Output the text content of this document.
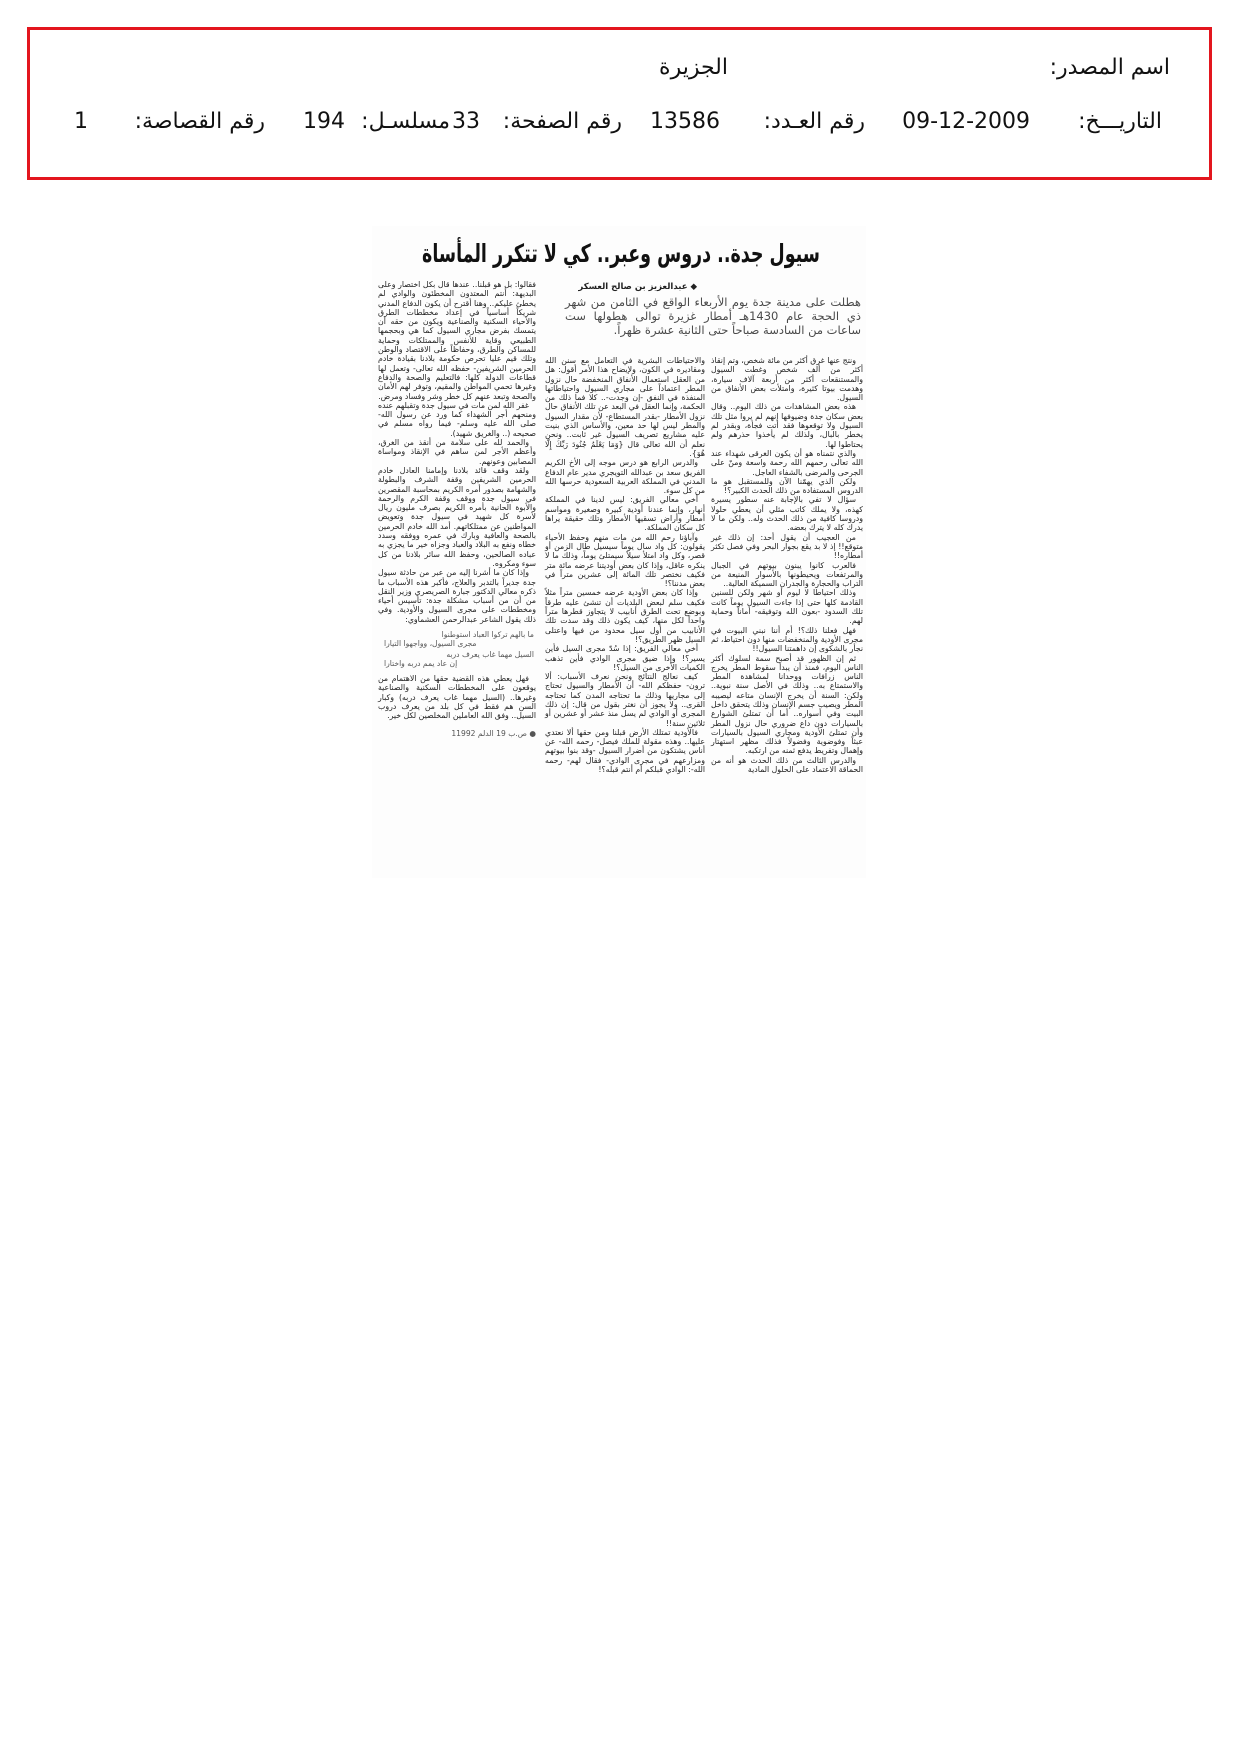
اسم المصدر:
الجزيرة
التاريـــخ:
09-12-2009
رقم العـدد:
13586
رقم الصفحة:
33
مسلسـل:
194
رقم القصاصة:
1
سيول جدة.. دروس وعبر.. كي لا تتكرر المأساة
◆ عبدالعزيز بن صالح العسكر

هطلت على مدينة جدة يوم الأربعاء الواقع في الثامن من شهر ذي الحجة عام 1430هـ أمطار غزيرة توالى هطولها ست ساعات من السادسة صباحاً حتى الثانية عشرة ظهراً.

ونتج عنها غرق أكثر من مائة شخص، وتم إنقاذ أكثر من ألف شخص وغطت السيول والمستنقعات أكثر من أربعة آلاف سيارة، وهدمت بيوتا كثيرة، وامتلأت بعض الأنفاق من السيول.

هذه بعض المشاهدات من ذلك اليوم.. وقال بعض سكان جدة وضيوفها إنهم لم يروا مثل تلك السيول ولا توقعوها فقد أتت فجأة، وبقدر لم يخطر بالبال، ولذلك لم يأخذوا حذرهم ولم يحتاطوا لها.

والذي نتمناه هو أن يكون الغرقى شهداء عند الله تعالى رحمهم الله رحمة واسعة ومنّ على الجرحى والمرضى بالشفاء العاجل.

ولكن الذي يهمّنا الآن وللمستقبل هو ما الدروس المستفادة من ذلك الحدث الكبير؟!

سؤال لا تفي بالإجابة عنه سطور يسيرة كهذه، ولا يملك كاتب مثلي أن يعطي حلولا ودروسا كافية من ذلك الحدث وله.. ولكن ما لا يدرك كله لا يترك بعضه.

من العجيب أن يقول أحد: إن ذلك غير متوقع!! إذ لا بد يقع بجوار البحر وفي فصل تكثر أمطاره!!

فالعرب كانوا يبنون بيوتهم في الجبال والمرتفعات ويحيطونها بالأسوار المنيعة من التراب والحجارة والجدران السميكة العالية..

وذلك احتياطا لا ليوم أو شهر ولكن للسنين القادمة كلها حتى إذا جاءت السيول يوماً كانت تلك السدود -بعون الله وتوفيقه- أماناً وحماية لهم.

فهل فعلنا ذلك؟! أم أننا نبني البيوت في مجرى الأودية والمنخفضات منها دون احتياط، ثم نجأر بالشكوى إن داهمتنا السيول!!

ثم إن الظهور قد أصبح سمة لسلوك أكثر الناس اليوم، فمنذ أن يبدأ سقوط المطر يخرج الناس زرافات ووحدانا لمشاهدة المطر والاستمتاع به.. وذلك في الأصل سنة نبوية.. ولكن: السنة أن يخرج الإنسان متاعه ليصيبه المطر ويصيب جسم الإنسان وذلك يتحقق داخل البيت وفي أسواره.. أما أن تمتلئ الشوارع بالسيارات دون داع ضروري حال نزول المطر وأن تمتلئ الأودية ومجاري السيول بالسيارات عبثاً وفوضوية وفضولاً فذلك مظهر استهتار وإهمال وتفريط يدفع ثمنه من ارتكبه.

والدرس الثالث من ذلك الحدث هو أنه من الحماقة الاعتماد على الحلول المادية

والاحتياطات البشرية في التعامل مع سنن الله ومقاديره في الكون، ولإيضاح هذا الأمر أقول: هل من العقل استعمال الأنفاق المنخفضة حال نزول المطر اعتماداً على مجاري السيول واحتياطاتها المنفذة في النفق -إن وجدت-.. كلا فما ذلك من الحكمة، وإنما العقل في البعد عن تلك الأنفاق حال نزول الأمطار -بقدر المستطاع- لأن مقدار السيول والمطر ليس لها حد معين، والأساس الذي بنيت عليه مشاريع تصريف السيول غير ثابت.. ونحن نعلم أن الله تعالى قال {وَمَا يَعْلَمُ جُنُودَ رَبِّكَ إِلَّا هُوَ}.

والدرس الرابع هو درس موجه إلى الأخ الكريم الفريق سعد بن عبدالله التويجري مدير عام الدفاع المدني في المملكة العربية السعودية حرسها الله من كل سوء.

أخي معالي الفريق: ليس لدينا في المملكة أنهار، وإنما عندنا أودية كبيرة وصغيرة ومواسم أمطار وأراض تسقيها الأمطار وتلك حقيقة يراها كل سكان المملكة.

وآباؤنا رحم الله من مات منهم وحفظ الأحياء يقولون: كل واد سال يوماً سيسيل طال الزمن أو قصر، وكل واد امتلأ سيلاً سيمتلئ يوماً، وذلك ما لا ينكره عاقل، وإذا كان بعض أوديتنا عرضه مائة متر فكيف نختصر تلك المائة إلى عشرين متراً في بعض مدننا؟!

وإذا كان بعض الأودية عرضه خمسين متراً مثلاً فكيف سلم لبعض البلديات أن تنشئ عليه طرقاً وبوضع تحت الطرق أنابيب لا يتجاوز قطرها متراً واحداً لكل منها، كيف يكون ذلك وقد سدت تلك الأنابيب من أول سيل محدود من فيها واعتلى السيل ظهر الطريق؟!

أخي معالي الفريق: إذا سُدّ مجرى السيل فأين يسير؟! وإذا ضيق مجرى الوادي فأين تذهب الكميات الأخرى من السيل؟!

كيف نعالج النتائج ونحن نعرف الأسباب: ألا ترون- حفظكم الله- أن الأمطار والسيول تحتاج إلى مجاريها وذلك ما تحتاجه المدن كما تحتاجه القرى.. ولا يجوز أن نغتر بقول من قال: إن ذلك المجرى أو الوادي لم يسل منذ عشر أو عشرين أو ثلاثين سنة!!

فالأودية تمتلك الأرض قبلنا ومن حقها ألا نعتدي عليها.. وهذه مقولة للملك فيصل- رحمه الله- عن أناس يشتكون من أضرار السيول -وقد بنوا بيوتهم ومزارعهم في مجرى الوادي- فقال لهم- رحمه الله-: الوادي قبلكم أم أنتم قبله؟!

فقالوا: بل هو قبلنا.. عندها قال بكل اختصار وعلى البديهة: أنتم المعتدون المخطئون والوادي لم يخطئ عليكم.. وهنا أقترح أن يكون الدفاع المدني شريكاً أساسياً في إعداد مخططات الطرق والأحياء السكنية والصناعية ويكون من حقه أن يتمسك بفرض مجاري السيول كما هي وبحجمها الطبيعي وقاية للأنفس والممتلكات وحماية للمساكن والطرق، وحفاظاً على الاقتصاد والوطن وتلك قيم عليا تحرص حكومة بلادنا بقيادة خادم الحرمين الشريفين- حفظه الله تعالى- وتعمل لها قطاعات الدولة كلها: فالتعليم والصحة والدفاع وغيرها تحمي المواطن والمقيم، وتوفر لهم الأمان والصحة وتبعد عنهم كل خطر وشر وفساد ومرض.

غفر الله لمن مات في سيول جدة وتقبلهم عنده ومنحهم أجر الشهداء كما ورد عن رسول الله- صلى الله عليه وسلم- فيما رواه مسلم في صحيحه (.. والغريق شهيد).

والحمد لله على سلامة من أنقذ من الغرق، وأعظم الأجر لمن ساهم في الإنقاذ ومواساة المصابين وعونهم.

ولقد وقف قائد بلادنا وإمامنا العادل خادم الحرمين الشريفين وقفة الشرف والبطولة والشهامة بصدور أمره الكريم بمحاسبة المقصرين في سيول جدة ووقف وقفة الكرم والرحمة والأبوة الحانية بأمره الكريم بصرف مليون ريال لأسرة كل شهيد في سيول جدة وتعويض المواطنين عن ممتلكاتهم. أمد الله خادم الحرمين بالصحة والعافية وبارك في عمره ووفقه وسدد خطاه ونفع به البلاد والعباد وجزاه خير ما يجزي به عباده الصالحين، وحفظ الله سائر بلادنا من كل سوء ومكروه.

وإذا كان ما أشرنا إليه من عبر من حادثة سيول جدة جديراً بالتدبر والعلاج، فأكبر هذه الأسباب ما ذكره معالي الدكتور جبارة الصريصري وزير النقل من أن من أسباب مشكلة جدة: تأسيس أحياء ومخططات على مجرى السيول والأودية. وفي ذلك يقول الشاعر عبدالرحمن العشماوي:

ما بالهم تركوا العباد استوطنوا

مجرى السيول، وواجهوا التيارا

السيل مهما غاب يعرف دربه

إن عاد يمم دربه واختارا

فهل يعطي هذه القضية حقها من الاهتمام من يوقعون على المخططات السكنية والصناعية وغيرها.. (السيل مهما غاب يعرف دربه) وكبار السن هم فقط في كل بلد من يعرف دروب السيل.. وفق الله العاملين المخلصين لكل خير.

● ص.ب 19 الدلم 11992
